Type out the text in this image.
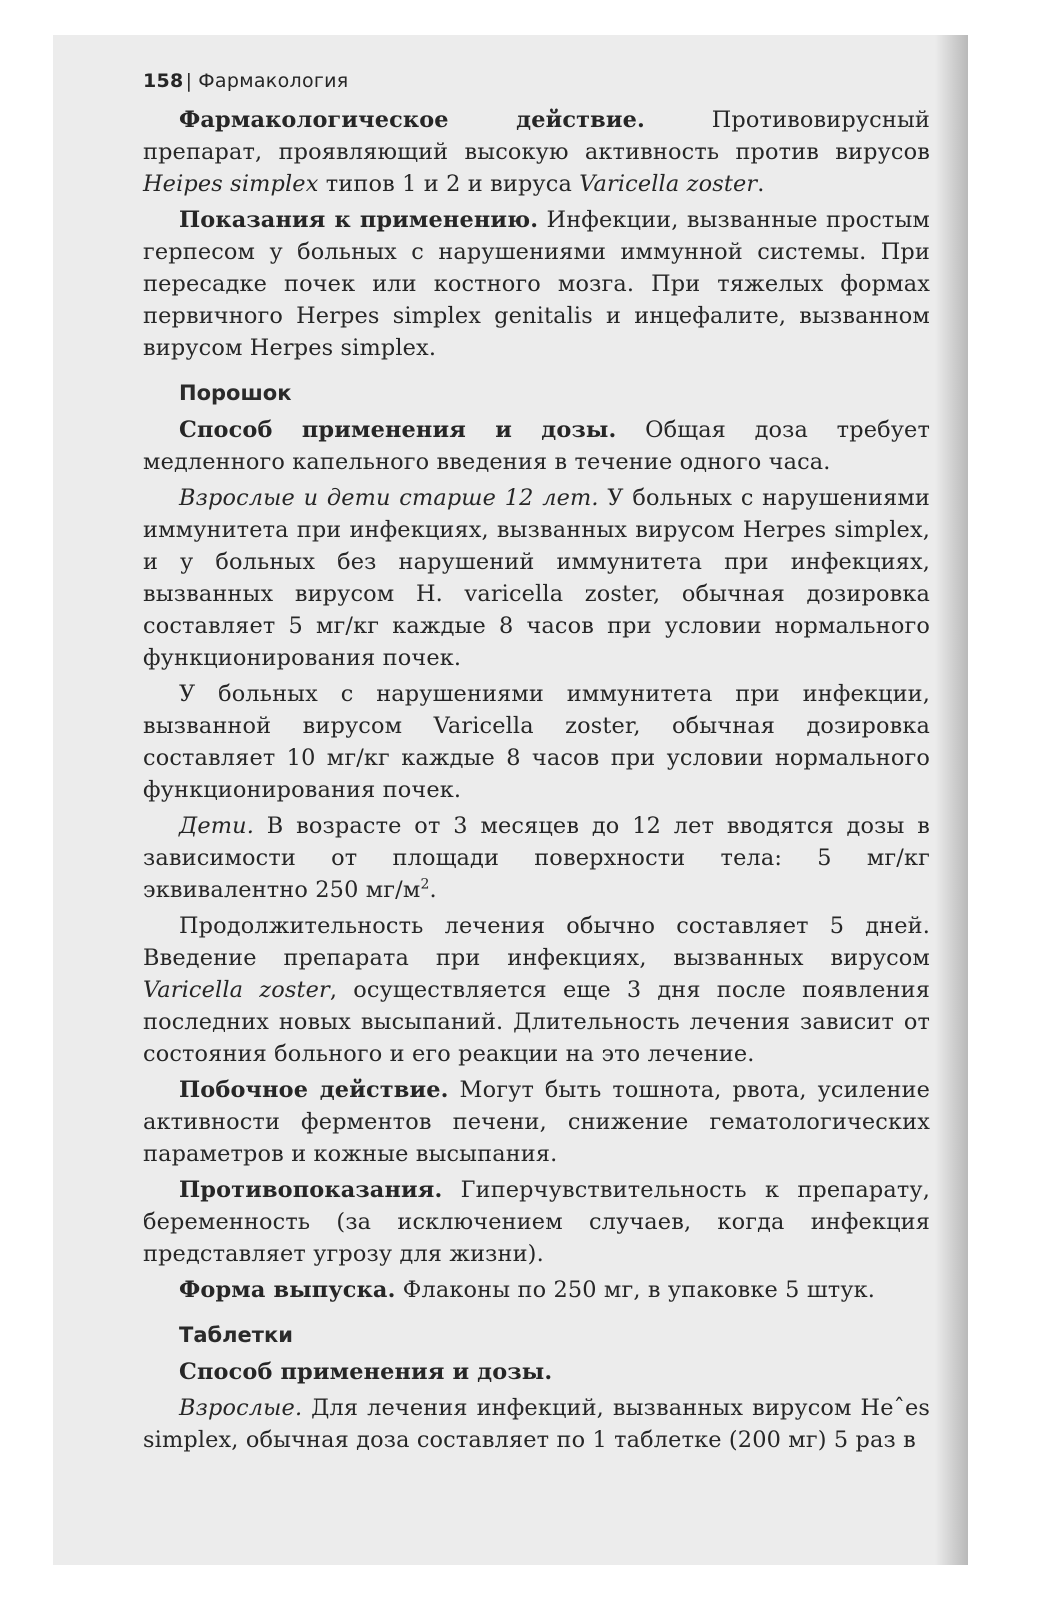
158 | Фармакология

Фармакологическое действие. Противовирусный препарат, проявляющий высокую активность против вирусов Heipes simplex типов 1 и 2 и вируса Varicella zoster.

Показания к применению. Инфекции, вызванные простым герпесом у больных с нарушениями иммунной системы. При пересадке почек или костного мозга. При тяжелых формах первичного Herpes simplex genitalis и инцефалите, вызванном вирусом Herpes simplex.

Порошок

Способ применения и дозы. Общая доза требует медленного капельного введения в течение одного часа.

Взрослые и дети старше 12 лет. У больных с нарушениями иммунитета при инфекциях, вызванных вирусом Herpes simplex, и у больных без нарушений иммунитета при инфекциях, вызванных вирусом H. varicella zoster, обычная дозировка составляет 5 мг/кг каждые 8 часов при условии нормального функционирования почек.

У больных с нарушениями иммунитета при инфекции, вызванной вирусом Varicella zoster, обычная дозировка составляет 10 мг/кг каждые 8 часов при условии нормального функционирования почек.

Дети. В возрасте от 3 месяцев до 12 лет вводятся дозы в зависимости от площади поверхности тела: 5 мг/кг эквивалентно 250 $мг/м^2$.

Продолжительность лечения обычно составляет 5 дней. Введение препарата при инфекциях, вызванных вирусом Varicella zoster, осуществляется еще 3 дня после появления последних новых высыпаний. Длительность лечения зависит от состояния больного и его реакции на это лечение.

Побочное действие. Могут быть тошнота, рвота, усиление активности ферментов печени, снижение гематологических параметров и кожные высыпания.

Противопоказания. Гиперчувствительность к препарату, беременность (за исключением случаев, когда инфекция представляет угрозу для жизни).

Форма выпуска. Флаконы по 250 мг, в упаковке 5 штук.

Таблетки

Способ применения и дозы.

Взрослые. Для лечения инфекций, вызванных вирусом Heˆes simplex, обычная доза составляет по 1 таблетке (200 мг) 5 раз в
